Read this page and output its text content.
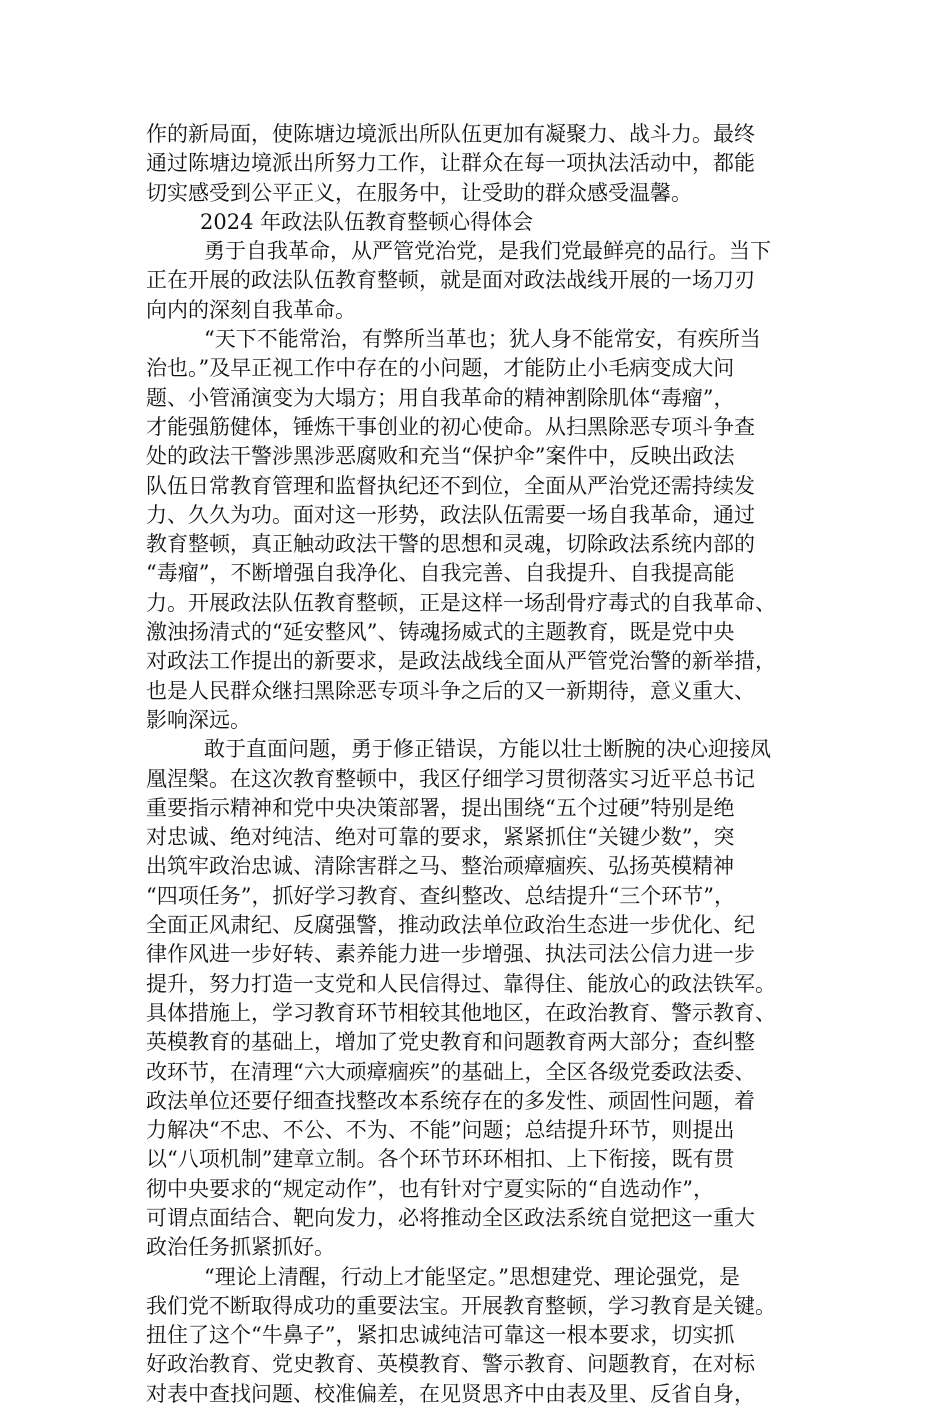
作的新局面，使陈塘边境派出所队伍更加有凝聚力、战斗力。最终
通过陈塘边境派出所努力工作，让群众在每一项执法活动中，都能
切实感受到公平正义，在服务中，让受助的群众感受温馨。
2024 年政法队伍教育整顿心得体会
勇于自我革命，从严管党治党，是我们党最鲜亮的品行。当下
正在开展的政法队伍教育整顿，就是面对政法战线开展的一场刀刃
向内的深刻自我革命。
“天下不能常治，有弊所当革也；犹人身不能常安，有疾所当
治也。”及早正视工作中存在的小问题，才能防止小毛病变成大问
题、小管涌演变为大塌方；用自我革命的精神割除肌体“毒瘤”，
才能强筋健体，锤炼干事创业的初心使命。从扫黑除恶专项斗争查
处的政法干警涉黑涉恶腐败和充当“保护伞”案件中，反映出政法
队伍日常教育管理和监督执纪还不到位，全面从严治党还需持续发
力、久久为功。面对这一形势，政法队伍需要一场自我革命，通过
教育整顿，真正触动政法干警的思想和灵魂，切除政法系统内部的
“毒瘤”，不断增强自我净化、自我完善、自我提升、自我提高能
力。开展政法队伍教育整顿，正是这样一场刮骨疗毒式的自我革命、
激浊扬清式的“延安整风”、铸魂扬威式的主题教育，既是党中央
对政法工作提出的新要求，是政法战线全面从严管党治警的新举措，
也是人民群众继扫黑除恶专项斗争之后的又一新期待，意义重大、
影响深远。
敢于直面问题，勇于修正错误，方能以壮士断腕的决心迎接凤
凰涅槃。在这次教育整顿中，我区仔细学习贯彻落实习近平总书记
重要指示精神和党中央决策部署，提出围绕“五个过硬”特别是绝
对忠诚、绝对纯洁、绝对可靠的要求，紧紧抓住“关键少数”，突
出筑牢政治忠诚、清除害群之马、整治顽瘴痼疾、弘扬英模精神
“四项任务”，抓好学习教育、查纠整改、总结提升“三个环节”，
全面正风肃纪、反腐强警，推动政法单位政治生态进一步优化、纪
律作风进一步好转、素养能力进一步增强、执法司法公信力进一步
提升，努力打造一支党和人民信得过、靠得住、能放心的政法铁军。
具体措施上，学习教育环节相较其他地区，在政治教育、警示教育、
英模教育的基础上，增加了党史教育和问题教育两大部分；查纠整
改环节，在清理“六大顽瘴痼疾”的基础上，全区各级党委政法委、
政法单位还要仔细查找整改本系统存在的多发性、顽固性问题，着
力解决“不忠、不公、不为、不能”问题；总结提升环节，则提出
以“八项机制”建章立制。各个环节环环相扣、上下衔接，既有贯
彻中央要求的“规定动作”，也有针对宁夏实际的“自选动作”，
可谓点面结合、靶向发力，必将推动全区政法系统自觉把这一重大
政治任务抓紧抓好。
“理论上清醒，行动上才能坚定。”思想建党、理论强党，是
我们党不断取得成功的重要法宝。开展教育整顿，学习教育是关键。
扭住了这个“牛鼻子”，紧扣忠诚纯洁可靠这一根本要求，切实抓
好政治教育、党史教育、英模教育、警示教育、问题教育，在对标
对表中查找问题、校准偏差，在见贤思齐中由表及里、反省自身，
